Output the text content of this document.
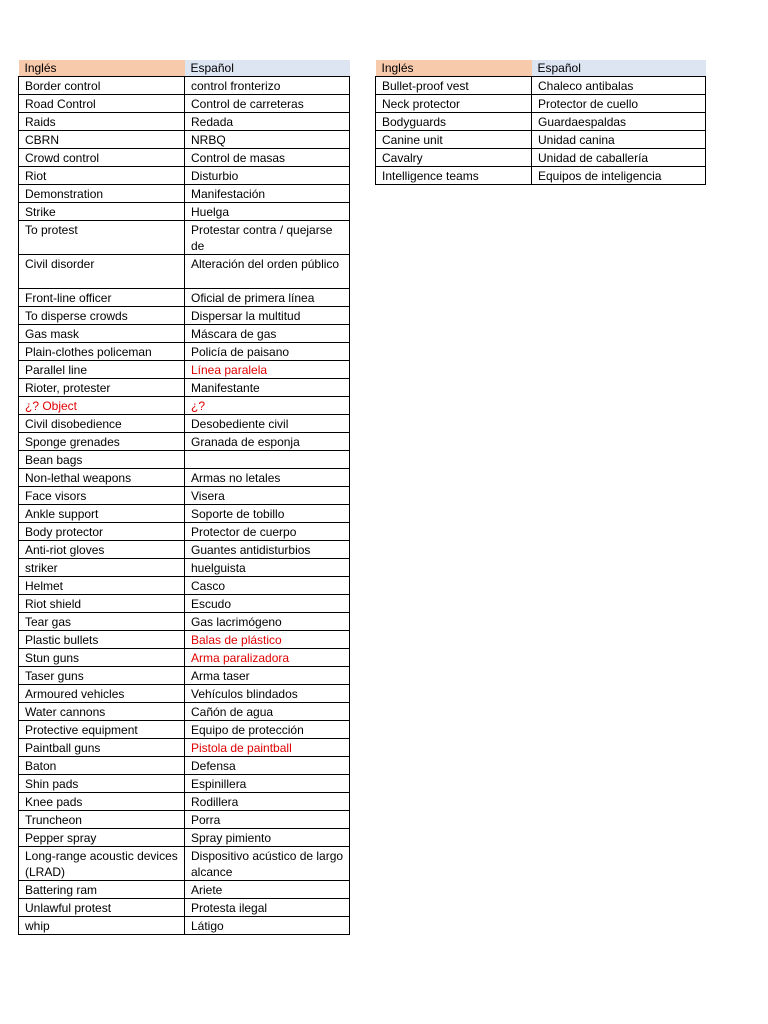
Inglés	Español
Border control	control fronterizo
Road Control	Control de carreteras
Raids	Redada
CBRN	NRBQ
Crowd control	Control de masas
Riot	Disturbio
Demonstration	Manifestación
Strike	Huelga
To protest	Protestar contra / quejarse de
Civil disorder	Alteración del orden público
Front-line officer	Oficial de primera línea
To disperse crowds	Dispersar la multitud
Gas mask	Máscara de gas
Plain-clothes policeman	Policía de paisano
Parallel line	Línea paralela
Rioter, protester	Manifestante
¿? Object	¿?
Civil disobedience	Desobediente civil
Sponge grenades	Granada de esponja
Bean bags	
Non-lethal weapons	Armas no letales
Face visors	Visera
Ankle support	Soporte de tobillo
Body protector	Protector de cuerpo
Anti-riot gloves	Guantes antidisturbios
striker	huelguista
Helmet	Casco
Riot shield	Escudo
Tear gas	Gas lacrimógeno
Plastic bullets	Balas de plástico
Stun guns	Arma paralizadora
Taser guns	Arma taser
Armoured vehicles	Vehículos blindados
Water cannons	Cañón de agua
Protective equipment	Equipo de protección
Paintball guns	Pistola de paintball
Baton	Defensa
Shin pads	Espinillera
Knee pads	Rodillera
Truncheon	Porra
Pepper spray	Spray pimiento
Long-range acoustic devices (LRAD)	Dispositivo acústico de largo alcance
Battering ram	Ariete
Unlawful protest	Protesta ilegal
whip	Látigo
Inglés	Español
Bullet-proof vest	Chaleco antibalas
Neck protector	Protector de cuello
Bodyguards	Guardaespaldas
Canine unit	Unidad canina
Cavalry	Unidad de caballería
Intelligence teams	Equipos de inteligencia
